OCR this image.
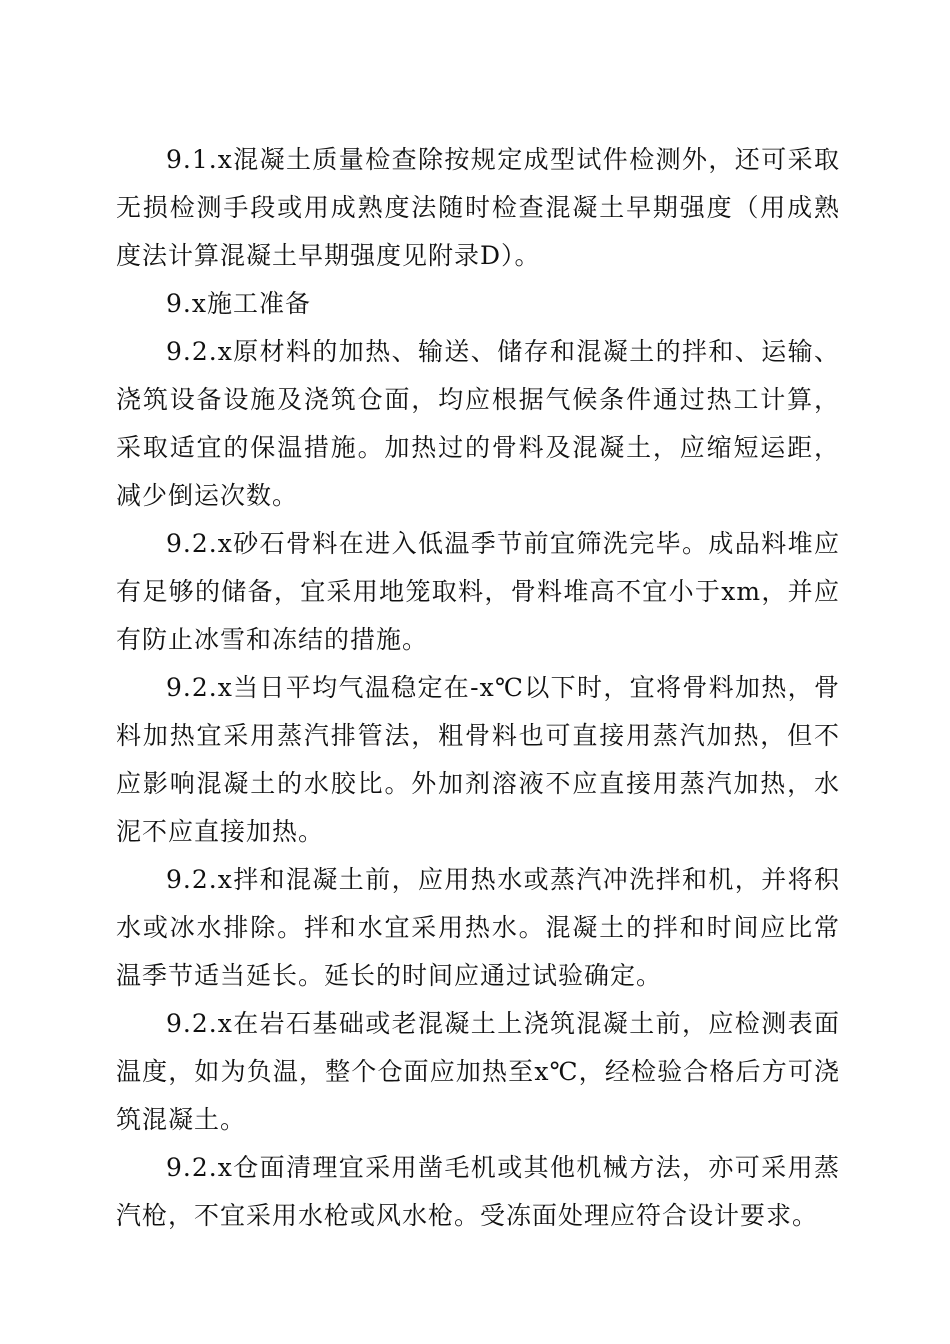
9.1.x混凝土质量检查除按规定成型试件检测外，还可采取无损检测手段或用成熟度法随时检查混凝土早期强度（用成熟度法计算混凝土早期强度见附录D）。

9.x施工准备

9.2.x原材料的加热、输送、储存和混凝土的拌和、运输、浇筑设备设施及浇筑仓面，均应根据气候条件通过热工计算，采取适宜的保温措施。加热过的骨料及混凝土，应缩短运距，减少倒运次数。

9.2.x砂石骨料在进入低温季节前宜筛洗完毕。成品料堆应有足够的储备，宜采用地笼取料，骨料堆高不宜小于xm，并应有防止冰雪和冻结的措施。

9.2.x当日平均气温稳定在-x℃以下时，宜将骨料加热，骨料加热宜采用蒸汽排管法，粗骨料也可直接用蒸汽加热，但不应影响混凝土的水胶比。外加剂溶液不应直接用蒸汽加热，水泥不应直接加热。

9.2.x拌和混凝土前，应用热水或蒸汽冲洗拌和机，并将积水或冰水排除。拌和水宜采用热水。混凝土的拌和时间应比常温季节适当延长。延长的时间应通过试验确定。

9.2.x在岩石基础或老混凝土上浇筑混凝土前，应检测表面温度，如为负温，整个仓面应加热至x℃，经检验合格后方可浇筑混凝土。

9.2.x仓面清理宜采用凿毛机或其他机械方法，亦可采用蒸汽枪，不宜采用水枪或风水枪。受冻面处理应符合设计要求。
